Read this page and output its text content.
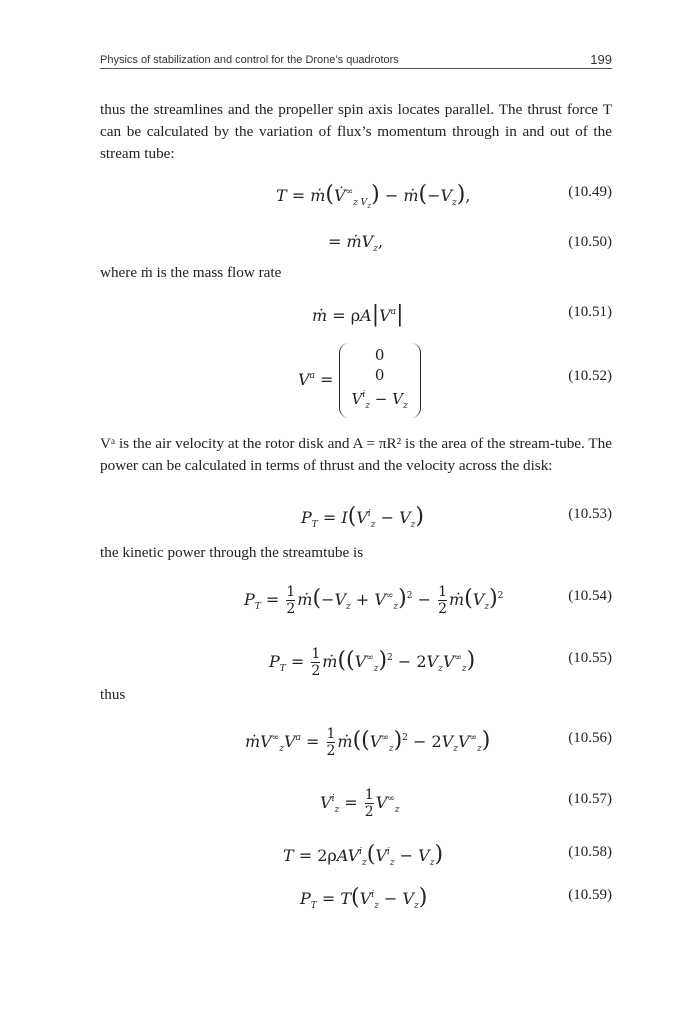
Physics of stabilization and control for the Drone’s quadrotors	199

thus the streamlines and the propeller spin axis locates parallel. The thrust force T can be calculated by the variation of flux’s momentum through in and out of the stream tube:

$T = ṁ(V̇^\infty_{z V_z})$ − $ṁ(-V_z)$,	(10.49)
= ṁV$_z$,	(10.50)

where ṁ is the mass flow rate

ṁ = $\rho A|V^a|$	(10.51)
$V^a = 0$
0
$V^i_z - V_z$
(10.52)

Vᵃ is the air velocity at the rotor disk and A = πR² is the area of the stream-tube. The power can be calculated in terms of thrust and the velocity across the disk:

$P_T = I(V^i_z - V_z)$	(10.53)

the kinetic power through the streamtube is

$P_T = \frac{1}{2}$ $ṁ(-V_z + V^\infty_z)^2 - \frac{1}{2}$ $ṁ(V_z)^2$	(10.54)
$P_T = \frac{1}{2}$ $ṁ((V^\infty_z)^2 - 2V_zV^\infty_z)$	(10.55)

thus

$ṁV^\infty_zV^a = \frac{1}{2}$ $ṁ((V^\infty_z)^2 - 2V_zV^\infty_z)$	(10.56)
$V^i_z = \frac{1}{2} V^\infty_z$
(10.57)
$T = 2\rho AV^i_z(V^i_z - V_z)$	(10.58)
$P_T = T(V^i_z - V_z)$	(10.59)
